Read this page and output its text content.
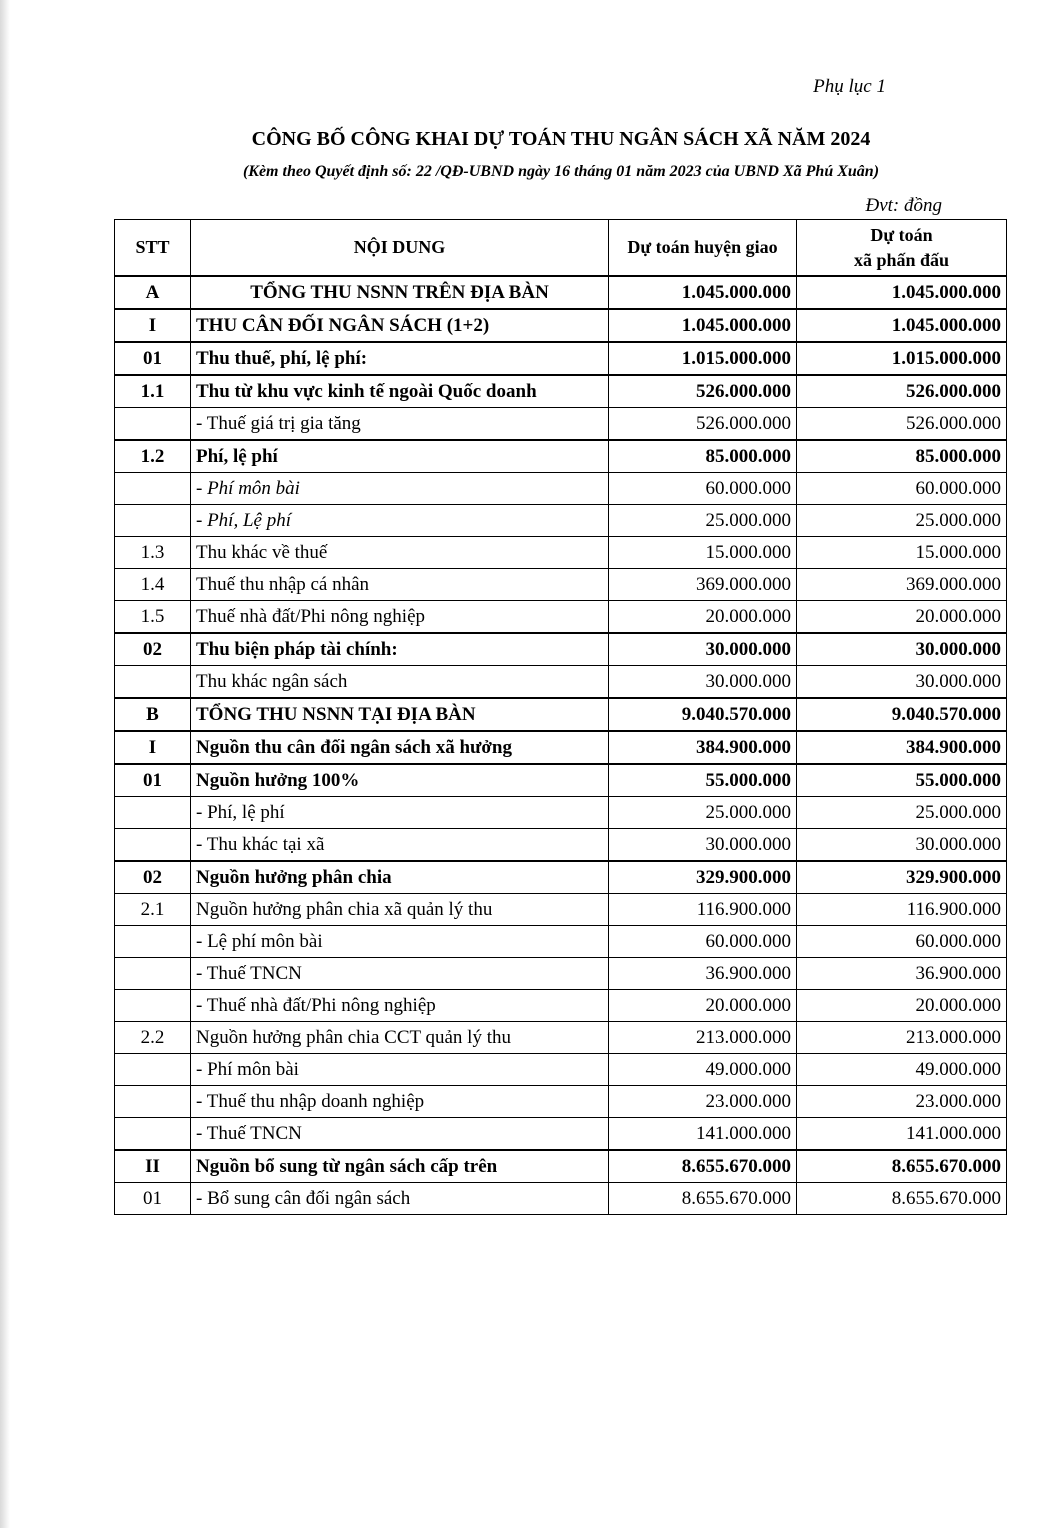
Phụ lục 1
CÔNG BỐ CÔNG KHAI DỰ TOÁN THU NGÂN SÁCH XÃ NĂM 2024
(Kèm theo Quyết định số: 22 /QĐ-UBND ngày 16 tháng 01 năm 2023 của UBND Xã Phú Xuân)
Đvt: đồng
STT	NỘI DUNG	Dự toán huyện giao	Dự toán
xã phấn đấu
A	TỔNG THU NSNN TRÊN ĐỊA BÀN	1.045.000.000	1.045.000.000
I	THU CÂN ĐỐI NGÂN SÁCH (1+2)	1.045.000.000	1.045.000.000
01	Thu thuế, phí, lệ phí:	1.015.000.000	1.015.000.000
1.1	Thu từ khu vực kinh tế ngoài Quốc doanh	526.000.000	526.000.000
	- Thuế giá trị gia tăng	526.000.000	526.000.000
1.2	Phí, lệ phí	85.000.000	85.000.000
	- Phí môn bài	60.000.000	60.000.000
	- Phí, Lệ phí	25.000.000	25.000.000
1.3	Thu khác về thuế	15.000.000	15.000.000
1.4	Thuế thu nhập cá nhân	369.000.000	369.000.000
1.5	Thuế nhà đất/Phi nông nghiệp	20.000.000	20.000.000
02	Thu biện pháp tài chính:	30.000.000	30.000.000
	Thu khác ngân sách	30.000.000	30.000.000
B	TỔNG THU NSNN TẠI ĐỊA BÀN	9.040.570.000	9.040.570.000
I	Nguồn thu cân đối ngân sách xã hưởng	384.900.000	384.900.000
01	Nguồn hưởng 100%	55.000.000	55.000.000
	- Phí, lệ phí	25.000.000	25.000.000
	- Thu khác tại xã	30.000.000	30.000.000
02	Nguồn hưởng phân chia	329.900.000	329.900.000
2.1	Nguồn hưởng phân chia xã quản lý thu	116.900.000	116.900.000
	- Lệ phí môn bài	60.000.000	60.000.000
	- Thuế TNCN	36.900.000	36.900.000
	- Thuế nhà đất/Phi nông nghiệp	20.000.000	20.000.000
2.2	Nguồn hưởng phân chia CCT quản lý thu	213.000.000	213.000.000
	- Phí môn bài	49.000.000	49.000.000
	- Thuế thu nhập doanh nghiệp	23.000.000	23.000.000
	- Thuế TNCN	141.000.000	141.000.000
II	Nguồn bổ sung từ ngân sách cấp trên	8.655.670.000	8.655.670.000
01	- Bổ sung cân đối ngân sách	8.655.670.000	8.655.670.000
